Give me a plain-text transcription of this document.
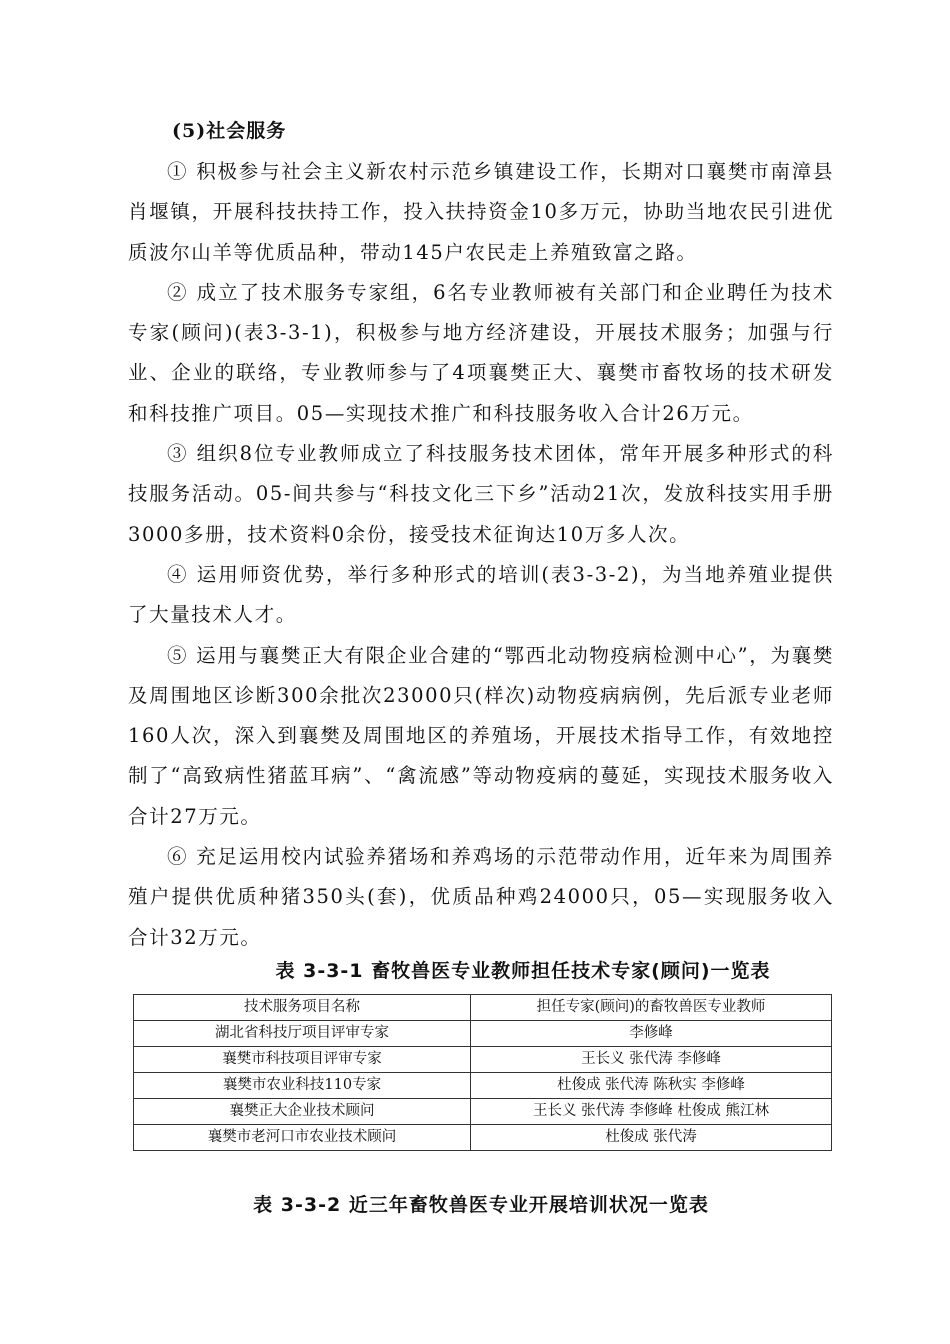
(5)社会服务

① 积极参与社会主义新农村示范乡镇建设工作，长期对口襄樊市南漳县肖堰镇，开展科技扶持工作，投入扶持资金10多万元，协助当地农民引进优质波尔山羊等优质品种，带动145户农民走上养殖致富之路。

② 成立了技术服务专家组，6名专业教师被有关部门和企业聘任为技术专家(顾问)(表3-3-1)，积极参与地方经济建设，开展技术服务；加强与行业、企业的联络，专业教师参与了4项襄樊正大、襄樊市畜牧场的技术研发和科技推广项目。05—实现技术推广和科技服务收入合计26万元。

③ 组织8位专业教师成立了科技服务技术团体，常年开展多种形式的科技服务活动。05-间共参与“科技文化三下乡”活动21次，发放科技实用手册3000多册，技术资料0余份，接受技术征询达10万多人次。

④ 运用师资优势，举行多种形式的培训(表3-3-2)，为当地养殖业提供了大量技术人才。

⑤ 运用与襄樊正大有限企业合建的“鄂西北动物疫病检测中心”，为襄樊及周围地区诊断300余批次23000只(样次)动物疫病病例，先后派专业老师160人次，深入到襄樊及周围地区的养殖场，开展技术指导工作，有效地控制了“高致病性猪蓝耳病”、“禽流感”等动物疫病的蔓延，实现技术服务收入合计27万元。

⑥ 充足运用校内试验养猪场和养鸡场的示范带动作用，近年来为周围养殖户提供优质种猪350头(套)，优质品种鸡24000只，05—实现服务收入合计32万元。

表 3-3-1 畜牧兽医专业教师担任技术专家(顾问)一览表
技术服务项目名称	担任专家(顾问)的畜牧兽医专业教师
湖北省科技厅项目评审专家	李修峰
襄樊市科技项目评审专家	王长义 张代涛 李修峰
襄樊市农业科技110专家	杜俊成 张代涛 陈秋实 李修峰
襄樊正大企业技术顾问	王长义 张代涛 李修峰 杜俊成 熊江林
襄樊市老河口市农业技术顾问	杜俊成 张代涛
表 3-3-2 近三年畜牧兽医专业开展培训状况一览表
